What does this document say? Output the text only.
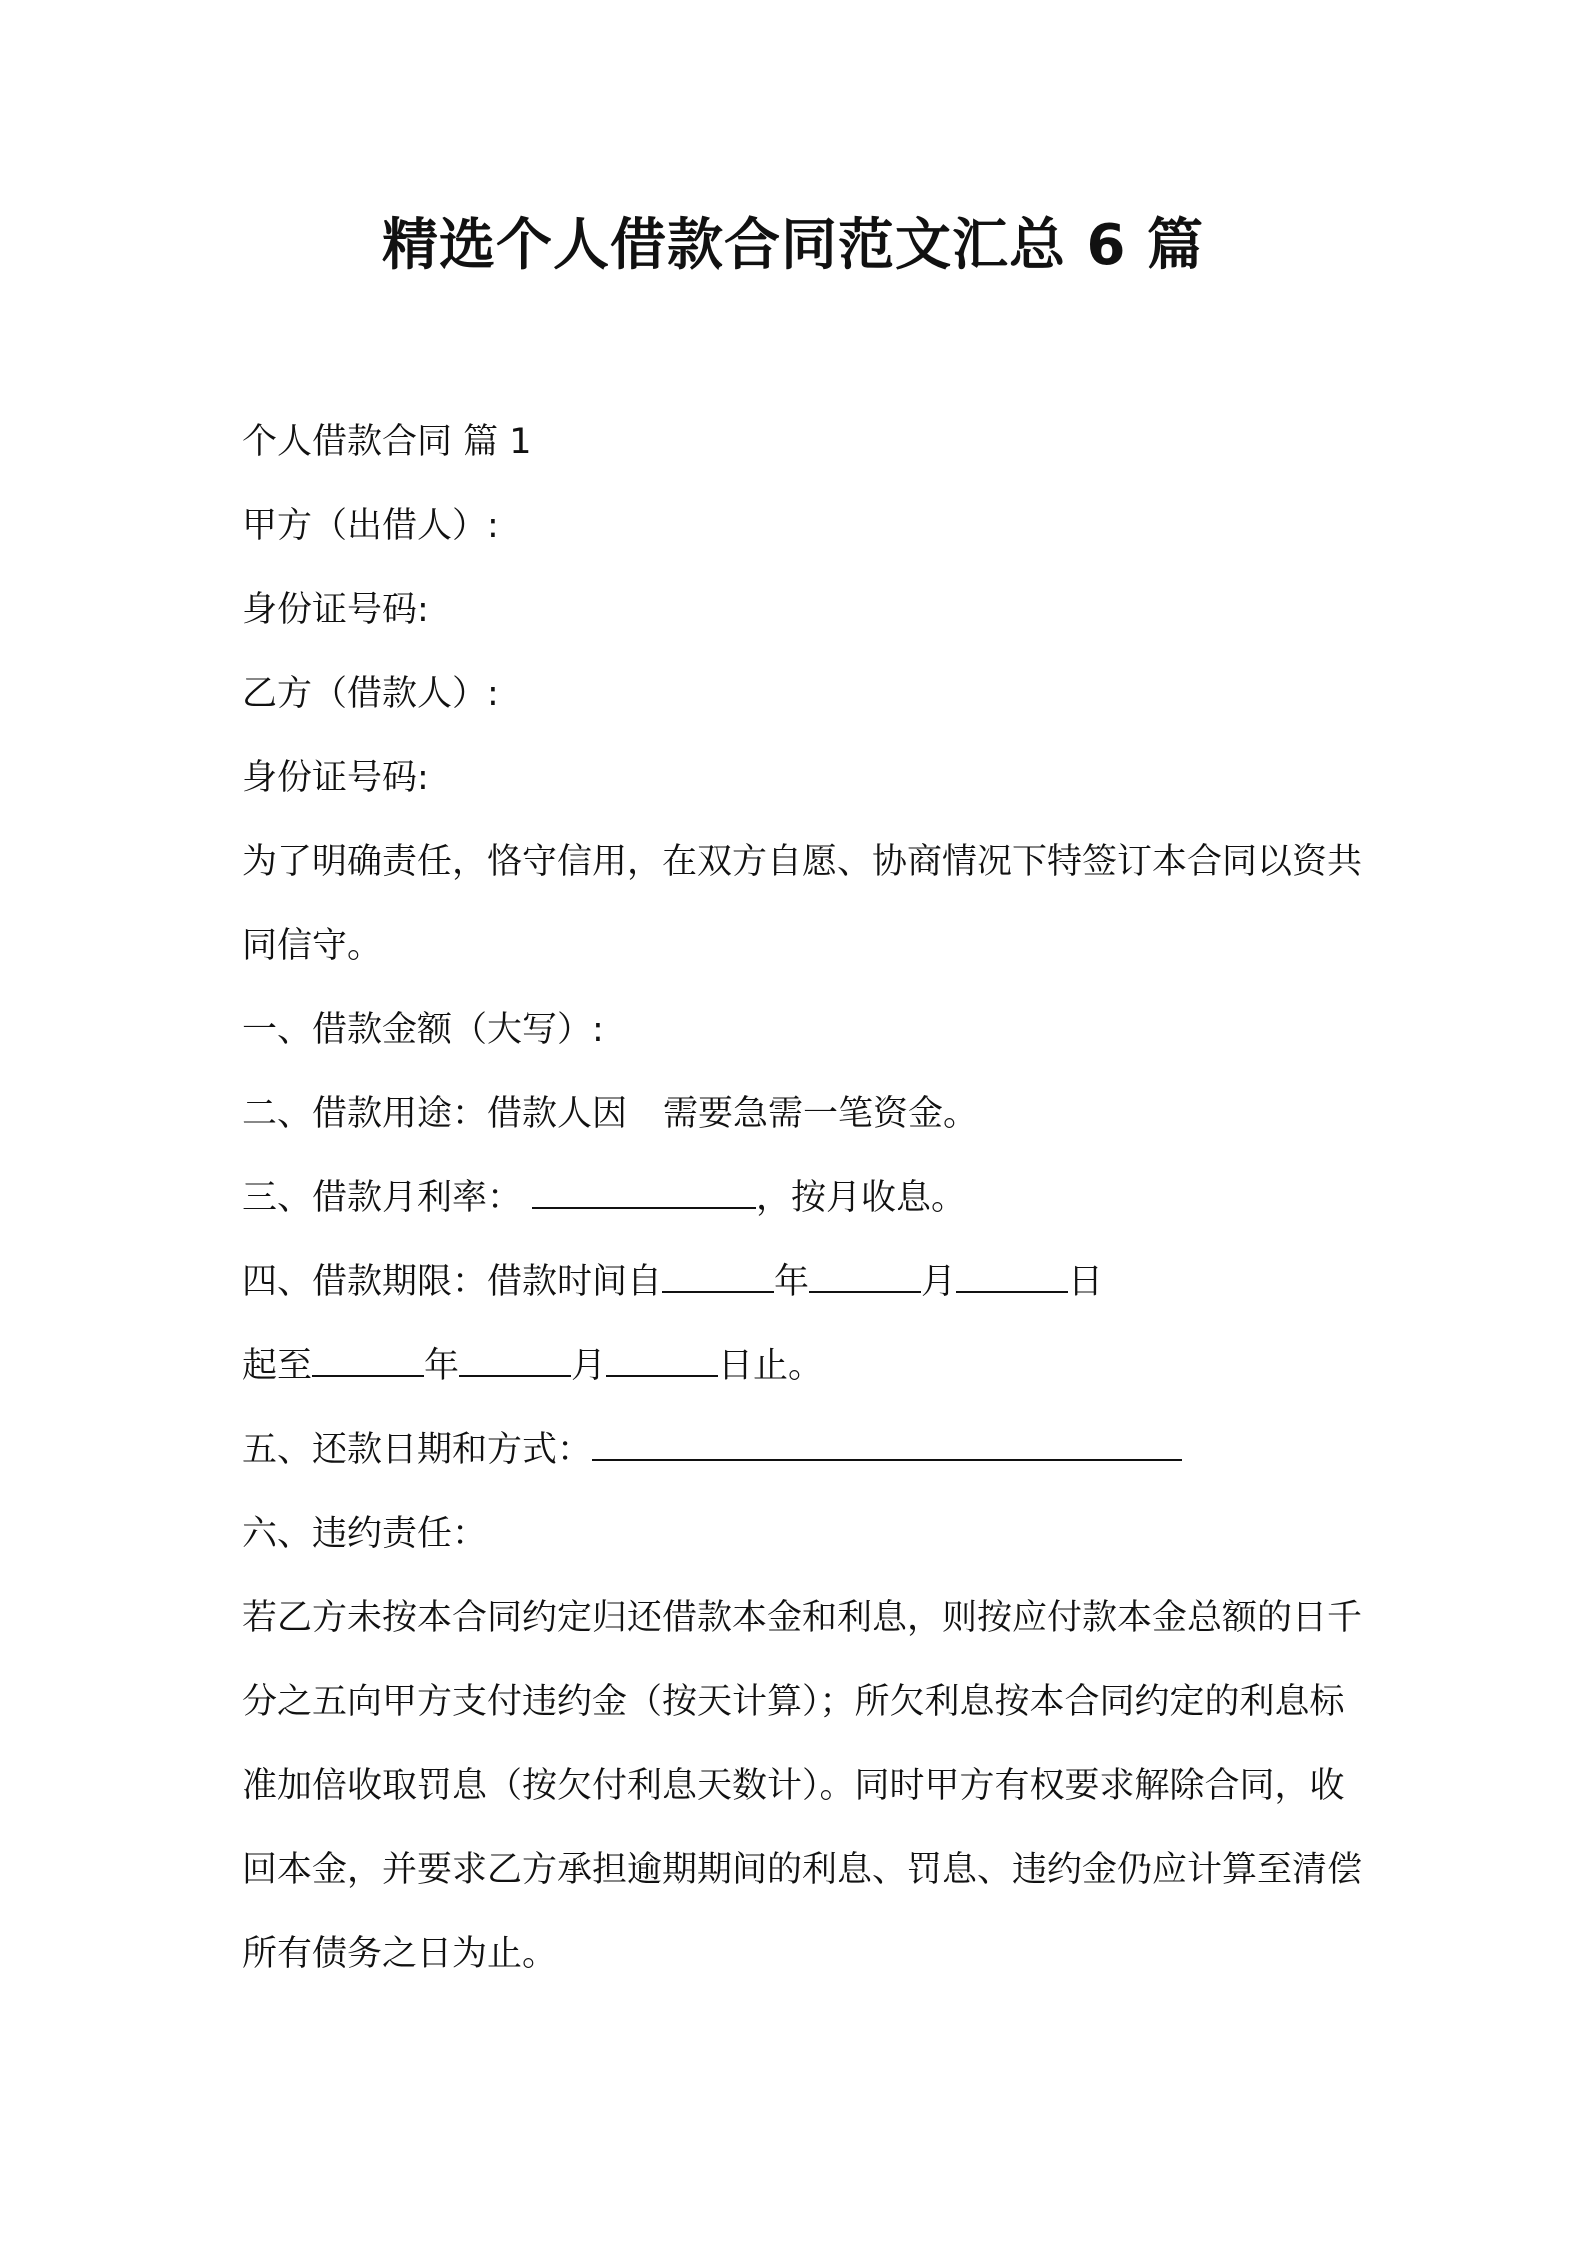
精选个人借款合同范文汇总 6 篇
个人借款合同 篇 1
甲方（出借人）:
身份证号码:
乙方（借款人）:
身份证号码:
为了明确责任，恪守信用，在双方自愿、协商情况下特签订本合同以资共同信守。
一、借款金额（大写）:
二、借款用途：借款人因 需要急需一笔资金。
三、借款月利率：	，按月收息。
四、借款期限：借款时间自	年	月	日
起至	年	月	日止。
五、还款日期和方式：
六、违约责任：
若乙方未按本合同约定归还借款本金和利息，则按应付款本金总额的日千分之五向甲方支付违约金（按天计算）；所欠利息按本合同约定的利息标准加倍收取罚息（按欠付利息天数计）。同时甲方有权要求解除合同，收回本金，并要求乙方承担逾期期间的利息、罚息、违约金仍应计算至清偿所有债务之日为止。
